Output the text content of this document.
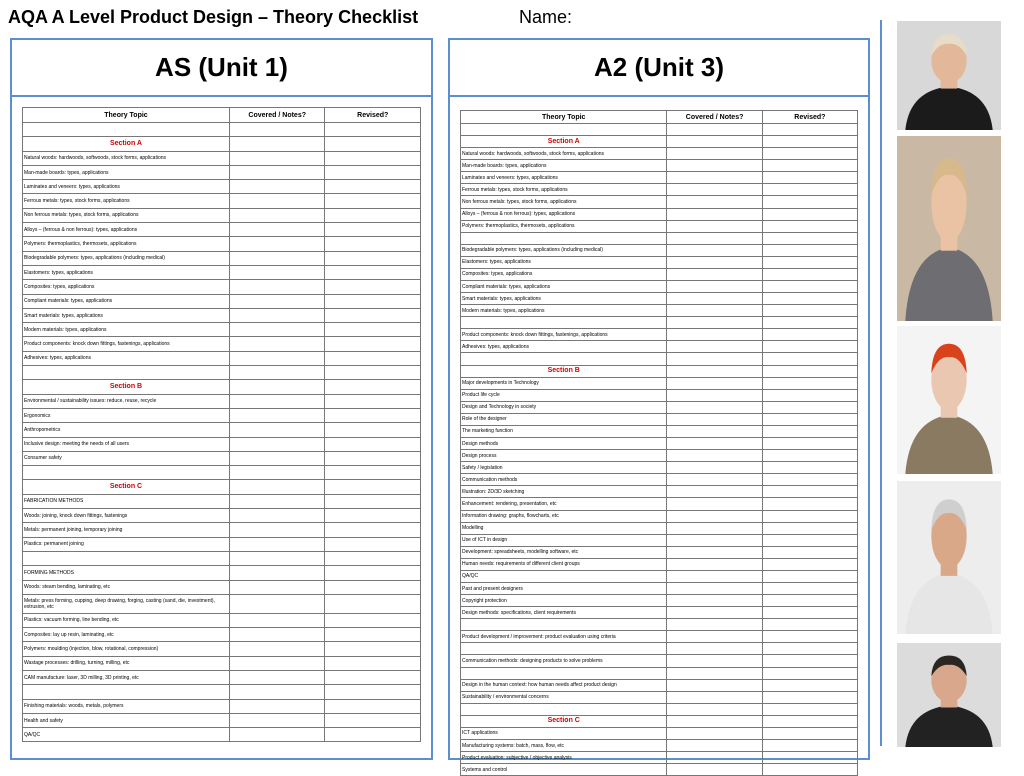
AQA A Level Product Design – Theory Checklist	Name:
AS (Unit 1)
Theory Topic	Covered / Notes?	Revised?

Section A		
Natural woods: hardwoods, softwoods, stock forms, applications		
Man-made boards: types, applications		
Laminates and veneers: types, applications		
Ferrous metals: types, stock forms, applications		
Non ferrous metals: types, stock forms, applications		
Alloys – (ferrous & non ferrous): types, applications		
Polymers: thermoplastics, thermosets, applications		
Biodegradable polymers: types, applications (including medical)		
Elastomers: types, applications		
Composites: types, applications		
Compliant materials: types, applications		
Smart materials: types, applications		
Modern materials: types, applications		
Product components: knock down fittings, fastenings, applications		
Adhesives: types, applications		

Section B		
Environmental / sustainability issues: reduce, reuse, recycle		
Ergonomics		
Anthropometrics		
Inclusive design: meeting the needs of all users		
Consumer safety		

Section C		
FABRICATION METHODS		
Woods: joining, knock down fittings, fastenings		
Metals: permanent joining, temporary joining		
Plastics: permanent joining		

FORMING METHODS		
Woods: steam bending, laminating, etc		
Metals: press forming, cupping, deep drawing, forging, casting (sand, die, investment), extrusion, etc		
Plastics: vacuum forming, line bending, etc		
Composites: lay up resin, laminating, etc		
Polymers: moulding (injection, blow, rotational, compression)		
Wastage processes: drilling, turning, milling, etc		
CAM manufacture: laser, 3D milling, 3D printing, etc		

Finishing materials: woods, metals, polymers		
Health and safety		
QA/QC		
A2 (Unit 3)
Theory Topic	Covered / Notes?	Revised?

Section A		
Natural woods: hardwoods, softwoods, stock forms, applications		
Man-made boards: types, applications		
Laminates and veneers: types, applications		
Ferrous metals: types, stock forms, applications		
Non ferrous metals: types, stock forms, applications		
Alloys – (ferrous & non ferrous): types, applications		
Polymers: thermoplastics, thermosets, applications		

Biodegradable polymers: types, applications (including medical)		
Elastomers: types, applications		
Composites: types, applications		
Compliant materials: types, applications		
Smart materials: types, applications		
Modern materials: types, applications		

Product components: knock down fittings, fastenings, applications		
Adhesives: types, applications		

Section B		
Major developments in Technology		
Product life cycle		
Design and Technology in society		
Role of the designer		
The marketing function		
Design methods		
Design process		
Safety / legislation		
Communication methods		
Illustration: 2D/3D sketching		
Enhancement: rendering, presentation, etc		
Information drawing: graphs, flowcharts, etc		
Modelling		
Use of ICT in design		
Development: spreadsheets, modelling software, etc		
Human needs: requirements of different client groups		
QA/QC		
Past and present designers		
Copyright protection		
Design methods: specifications, client requirements		

Product development / improvement: product evaluation using criteria		

Communication methods: designing products to solve problems		

Design in the human context: how human needs affect product design		
Sustainability / environmental concerns		

Section C		
ICT applications		
Manufacturing systems: batch, mass, flow, etc		
Product evaluation: subjective / objective analysis		
Systems and control		
